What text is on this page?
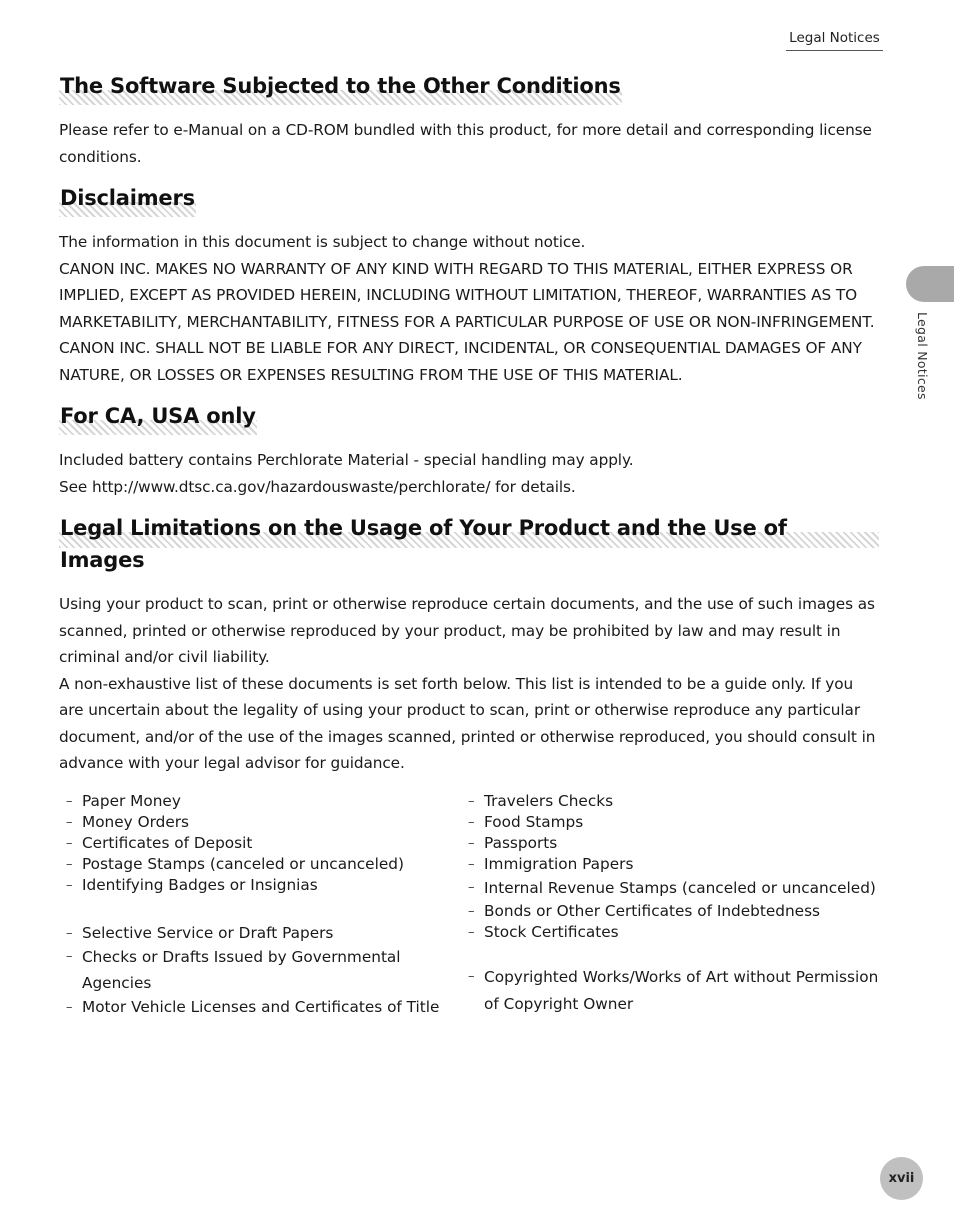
Legal Notices
Legal Notices
The Software Subjected to the Other Conditions

Please refer to e-Manual on a CD-ROM bundled with this product, for more detail and corresponding license conditions.

Disclaimers

The information in this document is subject to change without notice.

CANON INC. MAKES NO WARRANTY OF ANY KIND WITH REGARD TO THIS MATERIAL, EITHER EXPRESS OR IMPLIED, EXCEPT AS PROVIDED HEREIN, INCLUDING WITHOUT LIMITATION, THEREOF, WARRANTIES AS TO MARKETABILITY, MERCHANTABILITY, FITNESS FOR A PARTICULAR PURPOSE OF USE OR NON-INFRINGEMENT. CANON INC. SHALL NOT BE LIABLE FOR ANY DIRECT, INCIDENTAL, OR CONSEQUENTIAL DAMAGES OF ANY NATURE, OR LOSSES OR EXPENSES RESULTING FROM THE USE OF THIS MATERIAL.

For CA, USA only

Included battery contains Perchlorate Material - special handling may apply.

See http://www.dtsc.ca.gov/hazardouswaste/perchlorate/ for details.

Legal Limitations on the Usage of Your Product and the Use of Images

Using your product to scan, print or otherwise reproduce certain documents, and the use of such images as scanned, printed or otherwise reproduced by your product, may be prohibited by law and may result in criminal and/or civil liability.

A non-exhaustive list of these documents is set forth below. This list is intended to be a guide only. If you are uncertain about the legality of using your product to scan, print or otherwise reproduce any particular document, and/or of the use of the images scanned, printed or otherwise reproduced, you should consult in advance with your legal advisor for guidance.

– Paper Money
– Money Orders
– Certificates of Deposit
– Postage Stamps (canceled or uncanceled)
– Identifying Badges or Insignias
– Selective Service or Draft Papers
– Checks or Drafts Issued by Governmental Agencies
– Motor Vehicle Licenses and Certificates of Title
– Travelers Checks
– Food Stamps
– Passports
– Immigration Papers
– Internal Revenue Stamps (canceled or uncanceled)
– Bonds or Other Certificates of Indebtedness
– Stock Certificates
– Copyrighted Works/Works of Art without Permission of Copyright Owner
xvii
